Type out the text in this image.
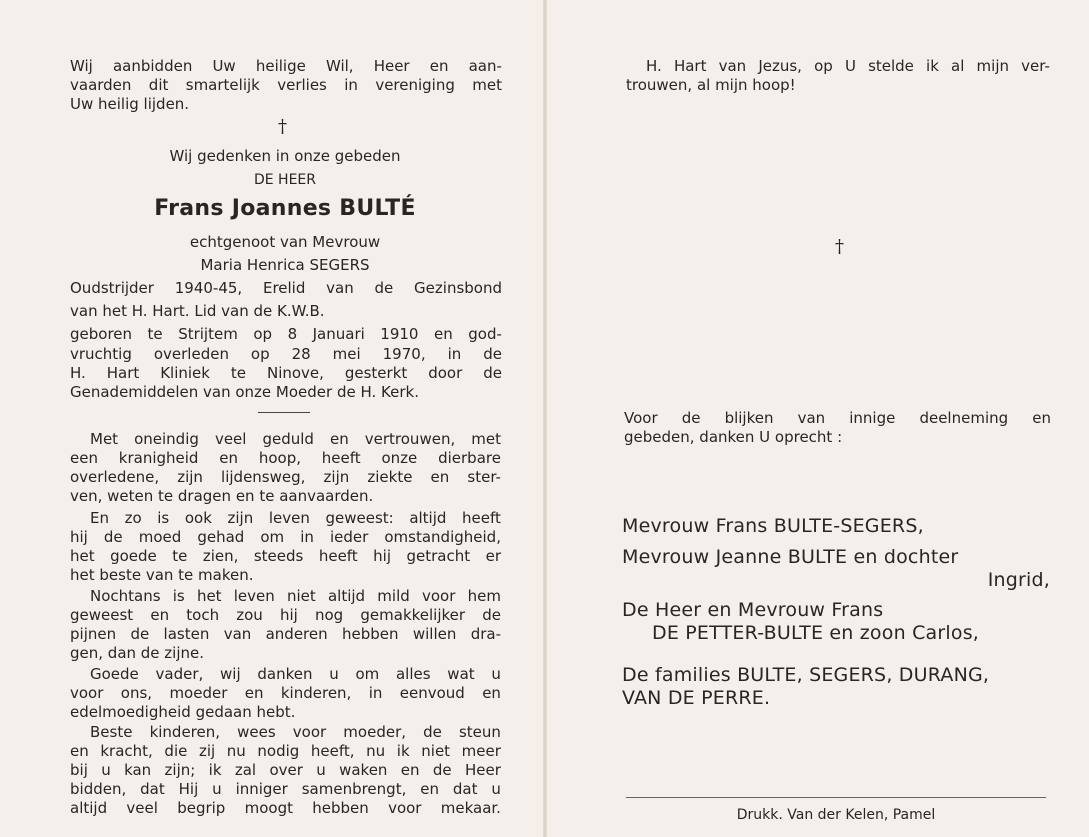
Wij aanbidden Uw heilige Wil, Heer en aan-
vaarden dit smartelijk verlies in vereniging met
Uw heilig lijden.
†
Wij gedenken in onze gebeden
DE HEER
Frans Joannes BULTÉ
echtgenoot van Mevrouw
Maria Henrica SEGERS
Oudstrijder 1940-45, Erelid van de Gezinsbond
van het H. Hart. Lid van de K.W.B.
geboren te Strijtem op 8 Januari 1910 en god-
vruchtig overleden op 28 mei 1970, in de
H. Hart Kliniek te Ninove, gesterkt door de
Genademiddelen van onze Moeder de H. Kerk.
Met oneindig veel geduld en vertrouwen, met
een kranigheid en hoop, heeft onze dierbare
overledene, zijn lijdensweg, zijn ziekte en ster-
ven, weten te dragen en te aanvaarden.
En zo is ook zijn leven geweest: altijd heeft
hij de moed gehad om in ieder omstandigheid,
het goede te zien, steeds heeft hij getracht er
het beste van te maken.
Nochtans is het leven niet altijd mild voor hem
geweest en toch zou hij nog gemakkelijker de
pijnen de lasten van anderen hebben willen dra-
gen, dan de zijne.
Goede vader, wij danken u om alles wat u
voor ons, moeder en kinderen, in eenvoud en
edelmoedigheid gedaan hebt.
Beste kinderen, wees voor moeder, de steun
en kracht, die zij nu nodig heeft, nu ik niet meer
bij u kan zijn; ik zal over u waken en de Heer
bidden, dat Hij u inniger samenbrengt, en dat u
altijd veel begrip moogt hebben voor mekaar.
H. Hart van Jezus, op U stelde ik al mijn ver-
trouwen, al mijn hoop!
†
Voor de blijken van innige deelneming en
gebeden, danken U oprecht :
Mevrouw Frans BULTE-SEGERS,
Mevrouw Jeanne BULTE en dochter
Ingrid,
De Heer en Mevrouw Frans
DE PETTER-BULTE en zoon Carlos,
De families BULTE, SEGERS, DURANG,
VAN DE PERRE.
Drukk. Van der Kelen, Pamel
